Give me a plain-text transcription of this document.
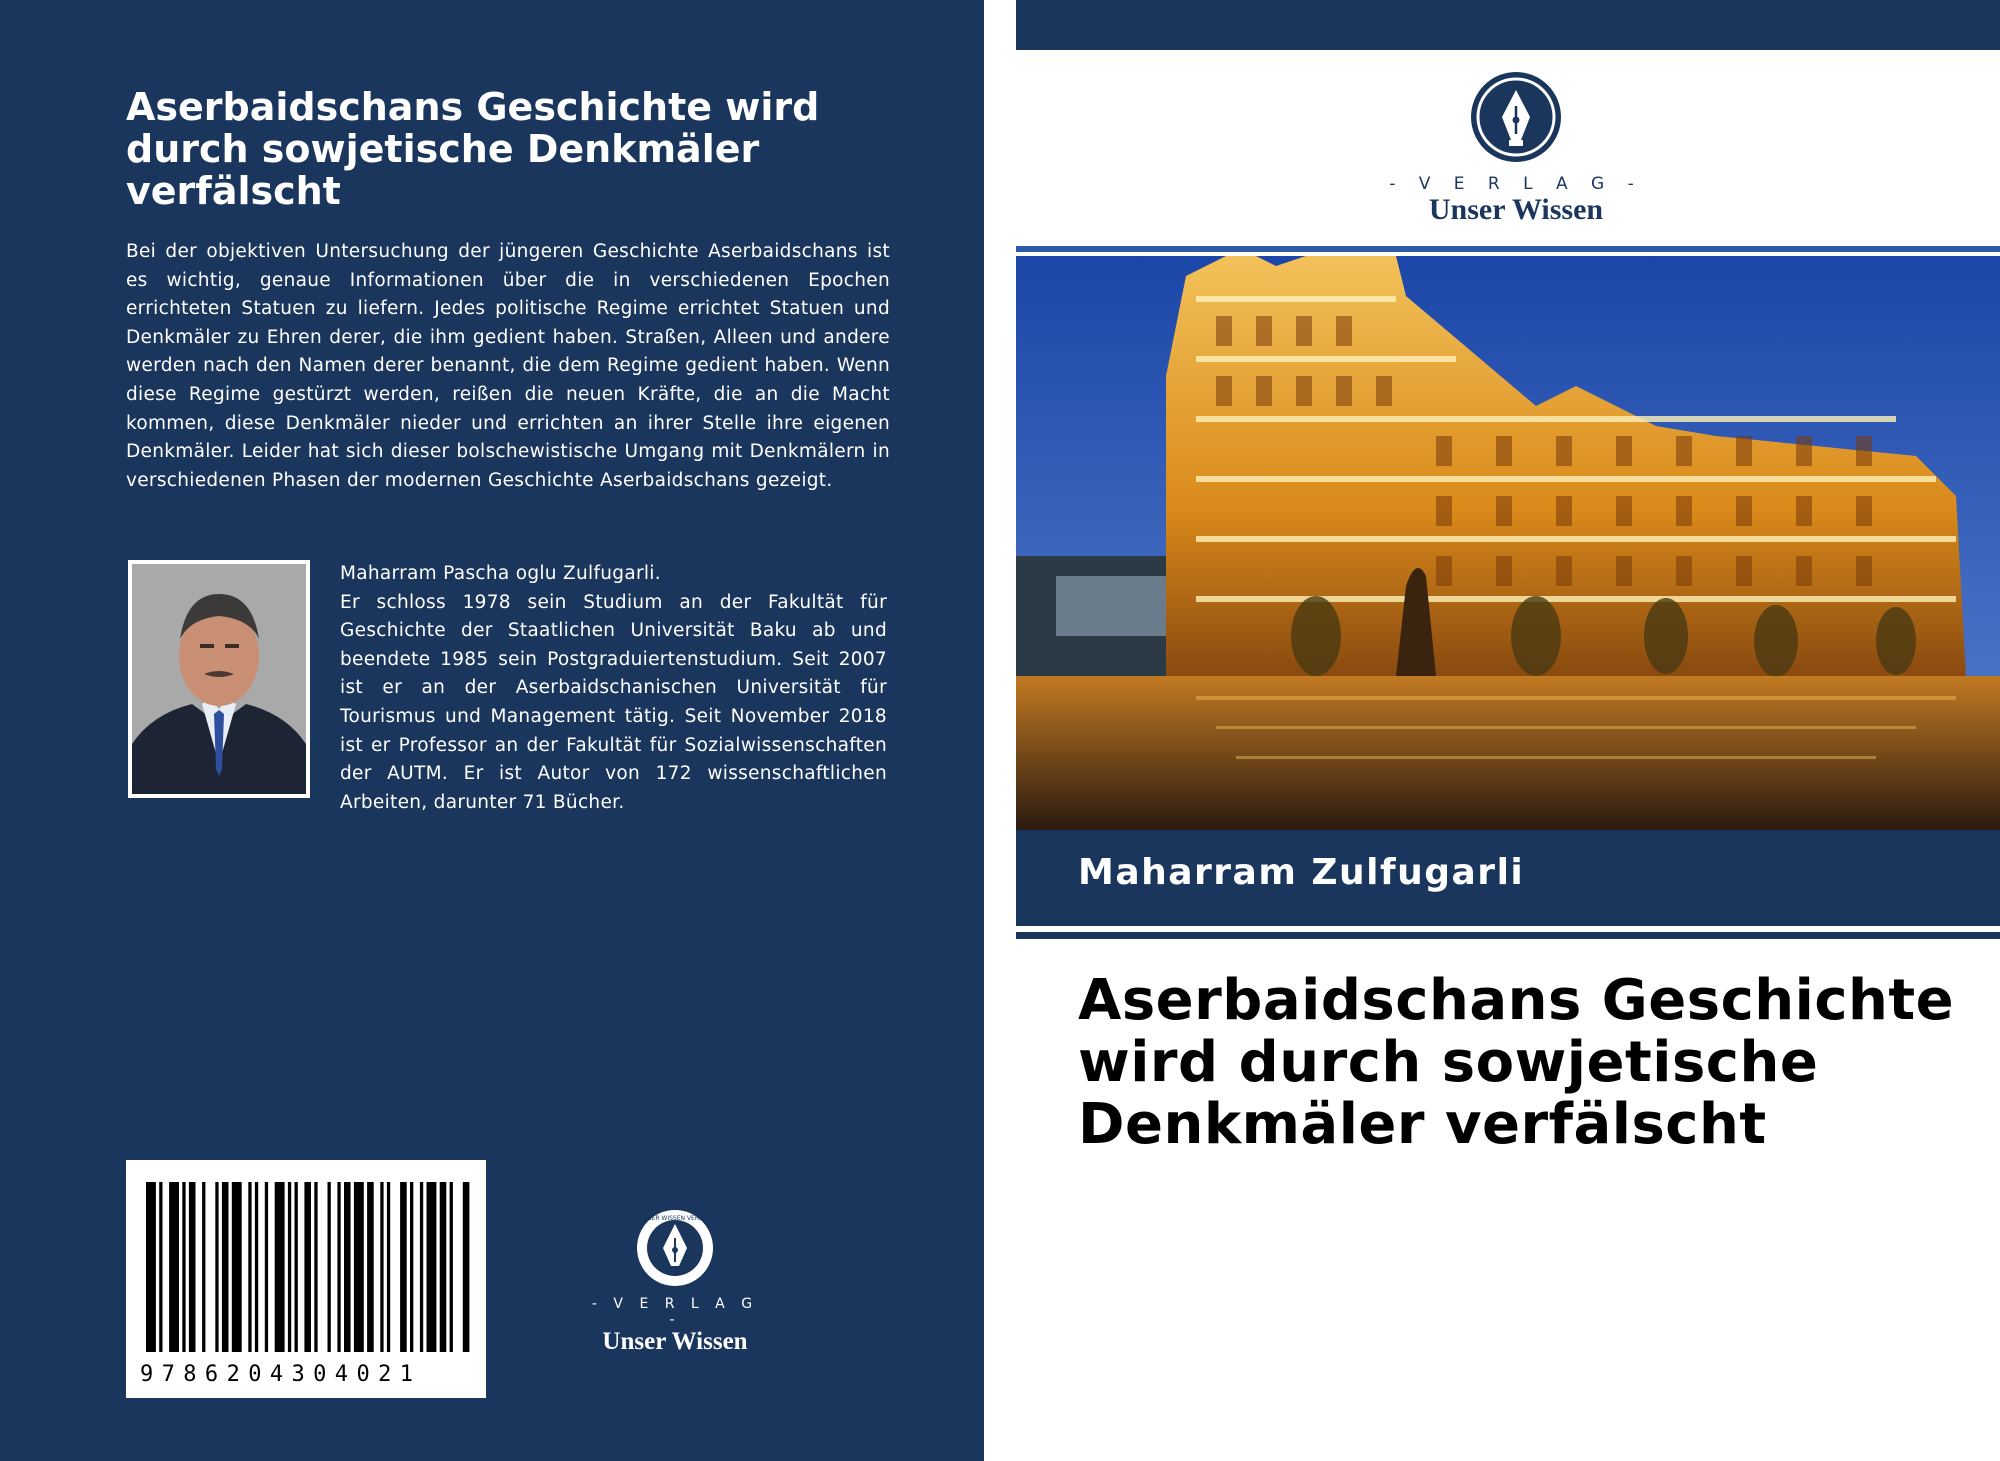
Aserbaidschans Geschichte wird durch sowjetische Denkmäler verfälscht

Bei der objektiven Untersuchung der jüngeren Geschichte Aserbaidschans ist es wichtig, genaue Informationen über die in verschiedenen Epochen errichteten Statuen zu liefern. Jedes politische Regime errichtet Statuen und Denkmäler zu Ehren derer, die ihm gedient haben. Straßen, Alleen und andere werden nach den Namen derer benannt, die dem Regime gedient haben. Wenn diese Regime gestürzt werden, reißen die neuen Kräfte, die an die Macht kommen, diese Denkmäler nieder und errichten an ihrer Stelle ihre eigenen Denkmäler. Leider hat sich dieser bolschewistische Umgang mit Denkmälern in verschiedenen Phasen der modernen Geschichte Aserbaidschans gezeigt.

Maharram Pascha oglu Zulfugarli.

Er schloss 1978 sein Studium an der Fakultät für Geschichte der Staatlichen Universität Baku ab und beendete 1985 sein Postgraduiertenstudium. Seit 2007 ist er an der Aserbaidschanischen Universität für Tourismus und Management tätig. Seit November 2018 ist er Professor an der Fakultät für Sozialwissenschaften der AUTM. Er ist Autor von 172 wissenschaftlichen Arbeiten, darunter 71 Bücher.

9786204304021
UNSER WISSEN VERLAG
- V E R L A G -
Unser Wissen
- V E R L A G -
Unser Wissen
Maharram Zulfugarli
Aserbaidschans Geschichte wird durch sowjetische Denkmäler verfälscht
